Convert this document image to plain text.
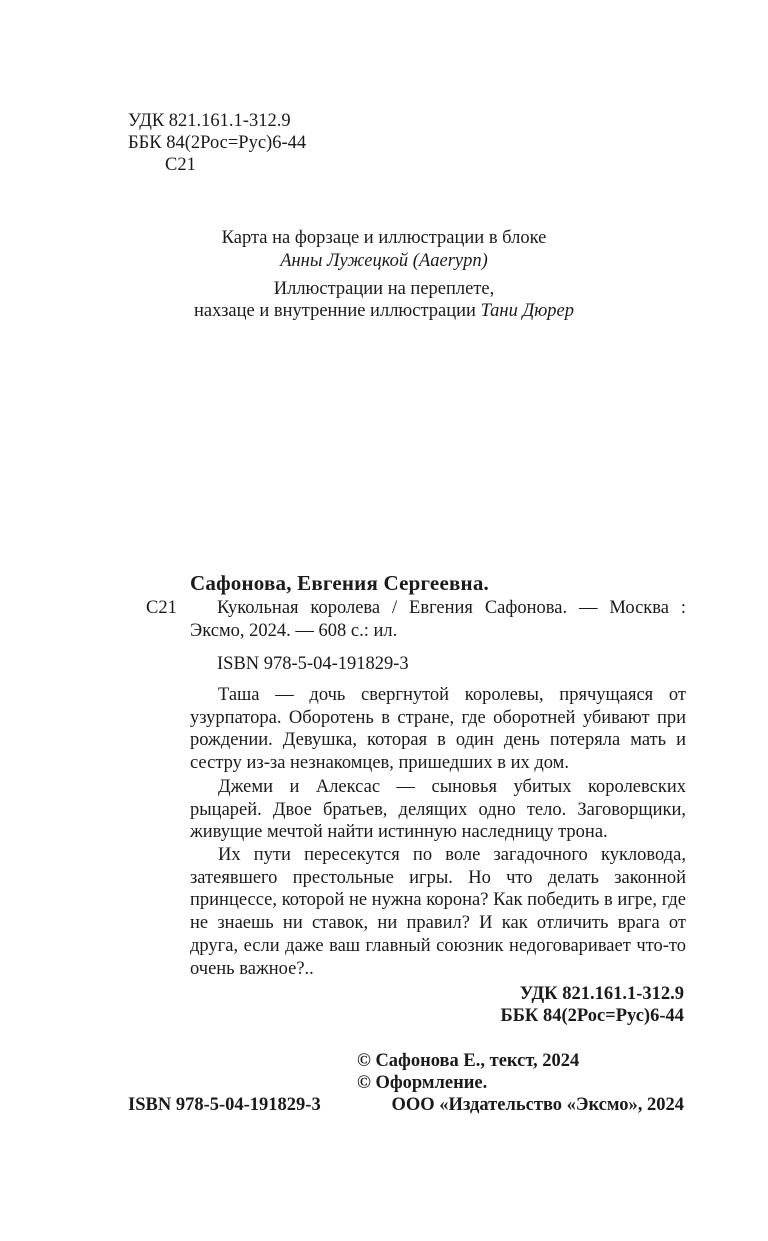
УДК 821.161.1-312.9
ББК 84(2Рос=Рус)6-44
С21
Карта на форзаце и иллюстрации в блоке
Анны Лужецкой (Aaerypn)
Иллюстрации на переплете,
нахзаце и внутренние иллюстрации Тани Дюрер
Сафонова, Евгения Сергеевна.
С21 Кукольная королева / Евгения Сафонова. — Москва :
Эксмо, 2024. — 608 с.: ил.
ISBN 978-5-04-191829-3

Таша — дочь свергнутой королевы, прячущаяся от узурпатора. Оборотень в стране, где оборотней убивают при рождении. Девушка, которая в один день потеряла мать и сестру из-за незнакомцев, пришедших в их дом.

Джеми и Алексас — сыновья убитых королевских рыцарей. Двое братьев, делящих одно тело. Заговорщики, живущие мечтой найти истинную наследницу трона.

Их пути пересекутся по воле загадочного кукловода, затеявшего престольные игры. Но что делать законной принцессе, которой не нужна корона? Как победить в игре, где не знаешь ни ставок, ни правил? И как отличить врага от друга, если даже ваш главный союзник недоговаривает что-то очень важное?..

УДК 821.161.1-312.9
ББК 84(2Рос=Рус)6-44
© Сафонова Е., текст, 2024
© Оформление.
ООО «Издательство «Эксмо», 2024
ISBN 978-5-04-191829-3
